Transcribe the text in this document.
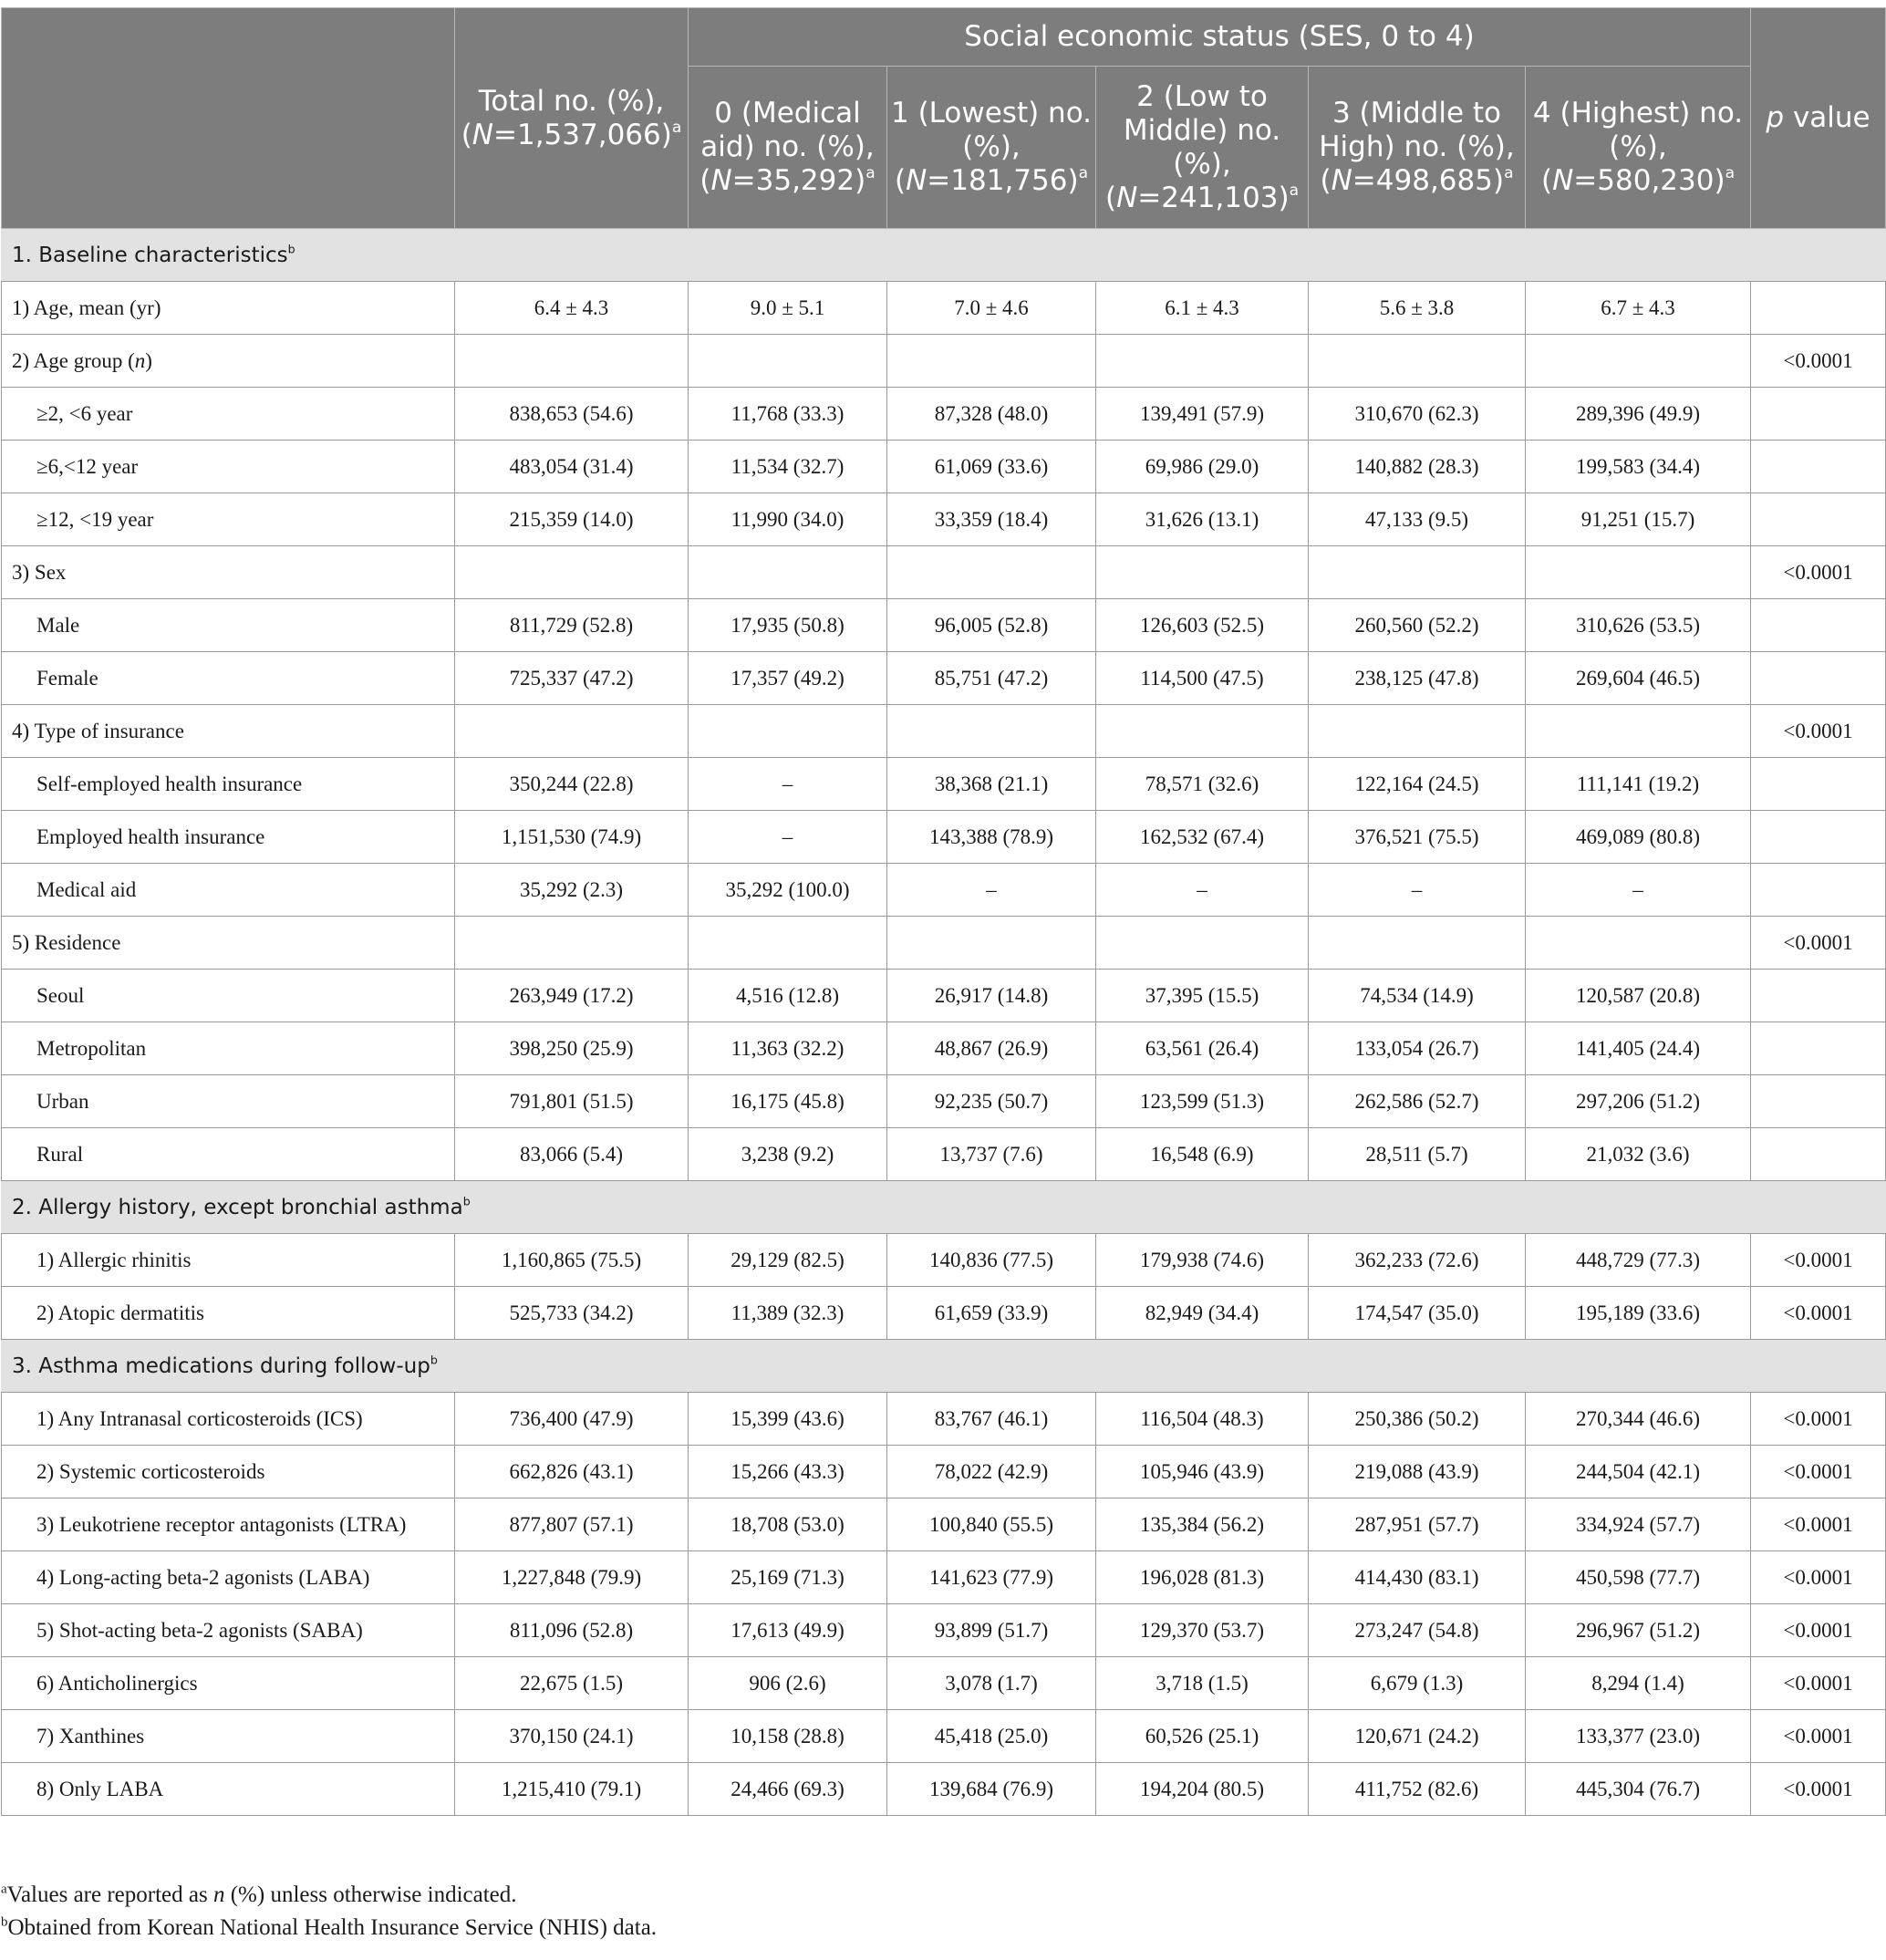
	Total no. (%), (N=1,537,066)$^a$	Social economic status (SES, 0 to 4)					p value
		0 (Medical aid) no. (%), (N=35,292)$^a$	1 (Lowest) no. (%), (N=181,756)$^a$	2 (Low to Middle) no. (%), (N=241,103)$^a$	3 (Middle to High) no. (%), (N=498,685)$^a$	4 (Highest) no. (%), (N=580,230)$^a$
1. Baseline characteristics$^b$
1) Age, mean (yr)	6.4 ± 4.3	9.0 ± 5.1	7.0 ± 4.6	6.1 ± 4.3	5.6 ± 3.8	6.7 ± 4.3	
2) Age group (n)							<0.0001
≥2, <6 year	838,653 (54.6)	11,768 (33.3)	87,328 (48.0)	139,491 (57.9)	310,670 (62.3)	289,396 (49.9)	
≥6,<12 year	483,054 (31.4)	11,534 (32.7)	61,069 (33.6)	69,986 (29.0)	140,882 (28.3)	199,583 (34.4)	
≥12, <19 year	215,359 (14.0)	11,990 (34.0)	33,359 (18.4)	31,626 (13.1)	47,133 (9.5)	91,251 (15.7)	
3) Sex							<0.0001
Male	811,729 (52.8)	17,935 (50.8)	96,005 (52.8)	126,603 (52.5)	260,560 (52.2)	310,626 (53.5)	
Female	725,337 (47.2)	17,357 (49.2)	85,751 (47.2)	114,500 (47.5)	238,125 (47.8)	269,604 (46.5)	
4) Type of insurance							<0.0001
Self-employed health insurance	350,244 (22.8)	–	38,368 (21.1)	78,571 (32.6)	122,164 (24.5)	111,141 (19.2)	
Employed health insurance	1,151,530 (74.9)	–	143,388 (78.9)	162,532 (67.4)	376,521 (75.5)	469,089 (80.8)	
Medical aid	35,292 (2.3)	35,292 (100.0)	–	–	–	–	
5) Residence							<0.0001
Seoul	263,949 (17.2)	4,516 (12.8)	26,917 (14.8)	37,395 (15.5)	74,534 (14.9)	120,587 (20.8)	
Metropolitan	398,250 (25.9)	11,363 (32.2)	48,867 (26.9)	63,561 (26.4)	133,054 (26.7)	141,405 (24.4)	
Urban	791,801 (51.5)	16,175 (45.8)	92,235 (50.7)	123,599 (51.3)	262,586 (52.7)	297,206 (51.2)	
Rural	83,066 (5.4)	3,238 (9.2)	13,737 (7.6)	16,548 (6.9)	28,511 (5.7)	21,032 (3.6)	
2. Allergy history, except bronchial asthma$^b$
1) Allergic rhinitis	1,160,865 (75.5)	29,129 (82.5)	140,836 (77.5)	179,938 (74.6)	362,233 (72.6)	448,729 (77.3)	<0.0001
2) Atopic dermatitis	525,733 (34.2)	11,389 (32.3)	61,659 (33.9)	82,949 (34.4)	174,547 (35.0)	195,189 (33.6)	<0.0001
3. Asthma medications during follow-$up^b$
1) Any Intranasal corticosteroids (ICS)	736,400 (47.9)	15,399 (43.6)	83,767 (46.1)	116,504 (48.3)	250,386 (50.2)	270,344 (46.6)	<0.0001
2) Systemic corticosteroids	662,826 (43.1)	15,266 (43.3)	78,022 (42.9)	105,946 (43.9)	219,088 (43.9)	244,504 (42.1)	<0.0001
3) Leukotriene receptor antagonists (LTRA)	877,807 (57.1)	18,708 (53.0)	100,840 (55.5)	135,384 (56.2)	287,951 (57.7)	334,924 (57.7)	<0.0001
4) Long-acting beta-2 agonists (LABA)	1,227,848 (79.9)	25,169 (71.3)	141,623 (77.9)	196,028 (81.3)	414,430 (83.1)	450,598 (77.7)	<0.0001
5) Shot-acting beta-2 agonists (SABA)	811,096 (52.8)	17,613 (49.9)	93,899 (51.7)	129,370 (53.7)	273,247 (54.8)	296,967 (51.2)	<0.0001
6) Anticholinergics	22,675 (1.5)	906 (2.6)	3,078 (1.7)	3,718 (1.5)	6,679 (1.3)	8,294 (1.4)	<0.0001
7) Xanthines	370,150 (24.1)	10,158 (28.8)	45,418 (25.0)	60,526 (25.1)	120,671 (24.2)	133,377 (23.0)	<0.0001
8) Only LABA	1,215,410 (79.1)	24,466 (69.3)	139,684 (76.9)	194,204 (80.5)	411,752 (82.6)	445,304 (76.7)	<0.0001
$^a$Values are reported as n (%) unless otherwise indicated.
$^b$Obtained from Korean National Health Insurance Service (NHIS) data.
